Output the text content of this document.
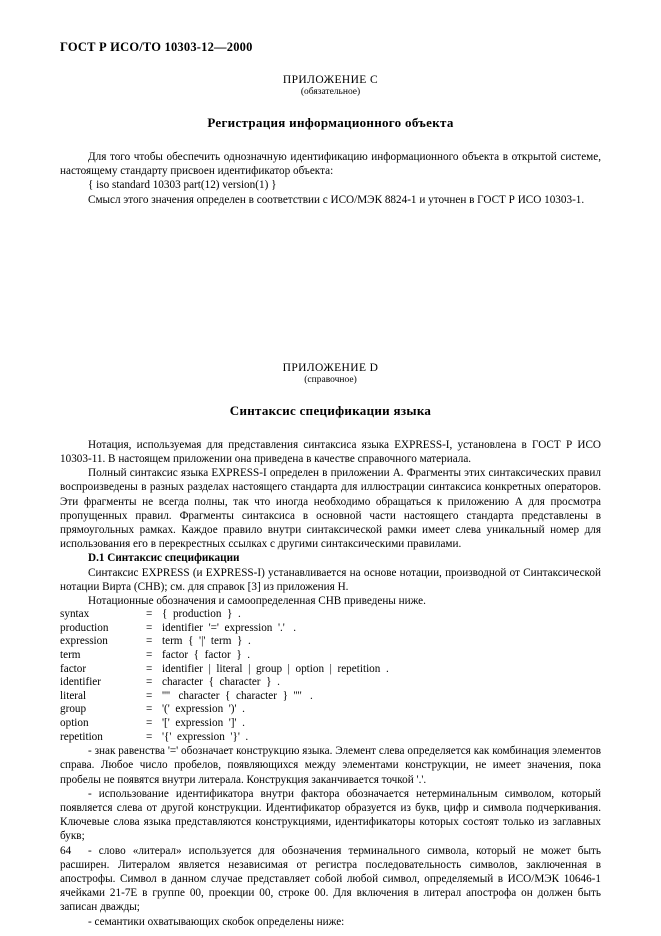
ГОСТ Р ИСО/ТО 10303-12—2000

ПРИЛОЖЕНИЕ С

(обязательное)

Регистрация информационного объекта

Для того чтобы обеспечить однозначную идентификацию информационного объекта в открытой системе, настоящему стандарту присвоен идентификатор объекта:

{ iso standard 10303 part(12) version(1) }

Смысл этого значения определен в соответствии с ИСО/МЭК 8824-1 и уточнен в ГОСТ Р ИСО 10303-1.

ПРИЛОЖЕНИЕ D

(справочное)

Синтаксис спецификации языка

Нотация, используемая для представления синтаксиса языка EXPRESS-I, установлена в ГОСТ Р ИСО 10303-11. В настоящем приложении она приведена в качестве справочного материала.

Полный синтаксис языка EXPRESS-I определен в приложении А. Фрагменты этих синтаксических правил воспроизведены в разных разделах настоящего стандарта для иллюстрации синтаксиса конкретных операторов. Эти фрагменты не всегда полны, так что иногда необходимо обращаться к приложению А для просмотра пропущенных правил. Фрагменты синтаксиса в основной части настоящего стандарта представлены в прямоугольных рамках. Каждое правило внутри синтаксической рамки имеет слева уникальный номер для использования его в перекрестных ссылках с другими синтаксическими правилами.

D.1 Синтаксис спецификации

Синтаксис EXPRESS (и EXPRESS-I) устанавливается на основе нотации, производной от Синтаксической нотации Вирта (СНВ); см. для справок [3] из приложения H.

Нотационные обозначения и самоопределенная СНВ приведены ниже.

syntax	= {  production  }  .
production	= identifier  '='  expression  '.'   .
expression	= term  {  '|'  term  }  .
term	= factor  {  factor  }  .
factor	= identifier  |  literal  |  group  |  option  |  repetition  .
identifier	= character  {  character  }  .
literal	= ''''   character  {  character  }  ''''   .
group	= '('  expression  ')'  .
option	= '['  expression  ']'  .
repetition	= '{'  expression  '}'  .

- знак равенства '=' обозначает конструкцию языка. Элемент слева определяется как комбинация элементов справа. Любое число пробелов, появляющихся между элементами конструкции, не имеет значения, пока пробелы не появятся внутри литерала. Конструкция заканчивается точкой '.'.

- использование идентификатора внутри фактора обозначается нетерминальным символом, который появляется слева от другой конструкции. Идентификатор образуется из букв, цифр и символа подчеркивания. Ключевые слова языка представляются конструкциями, идентификаторы которых состоят только из заглавных букв;

- слово «литерал» используется для обозначения терминального символа, который не может быть расширен. Литералом является независимая от регистра последовательность символов, заключенная в апострофы. Символ в данном случае представляет собой любой символ, определяемый в ИСО/МЭК 10646-1 ячейками 21-7E в группе 00, проекции 00, строке 00. Для включения в литерал апострофа он должен быть записан дважды;

- семантики охватывающих скобок определены ниже:

64
